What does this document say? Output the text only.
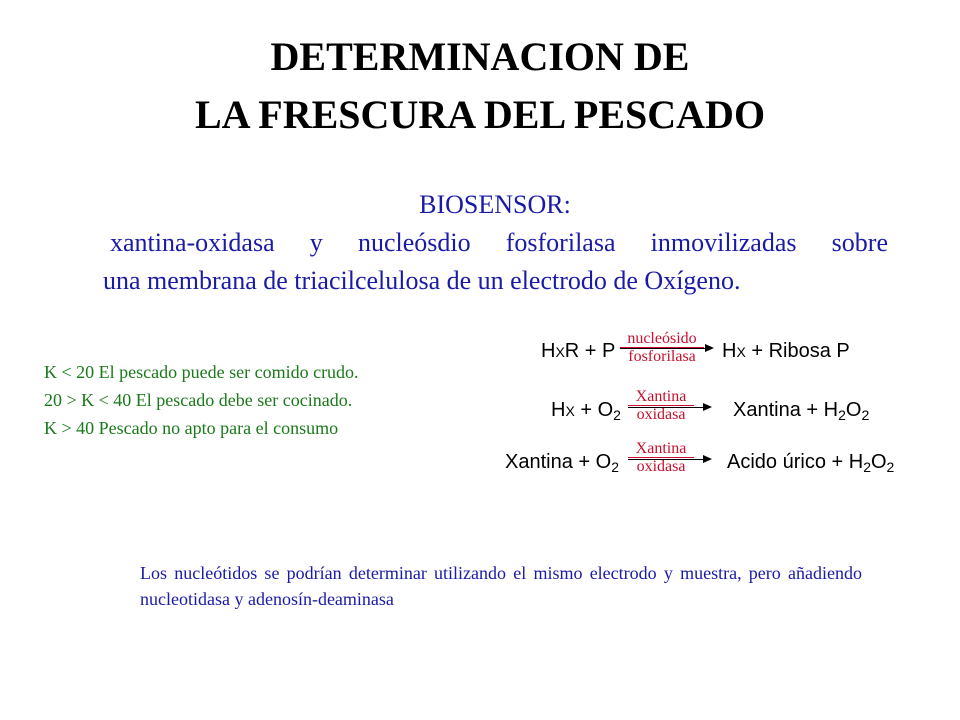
DETERMINACION DE
LA FRESCURA DEL PESCADO
BIOSENSOR:
xantina-oxidasa y nucleósdio fosforilasa inmovilizadas sobre
una membrana de triacilcelulosa de un electrodo de Oxígeno.
K < 20 El pescado puede ser comido crudo.
20 > K < 40 El pescado debe ser cocinado.
K > 40 Pescado no apto para el consumo
HXR + P
nucleósido
fosforilasa	HX + Ribosa P
HX + $O_2$
Xantina
oxidasa	Xantina + $H_2O_2$
Xantina + $O_2$
Xantina
oxidasa	Acido úrico + $H_2O_2$
Los nucleótidos se podrían determinar utilizando el mismo electrodo y muestra, pero añadiendo nucleotidasa y adenosín-deaminasa
